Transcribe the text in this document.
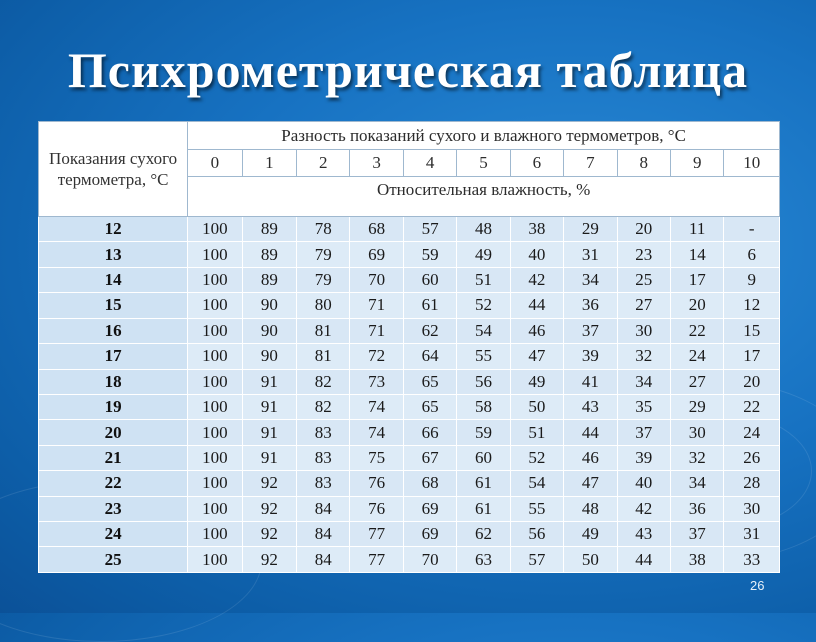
Психрометрическая таблица
Показания сухого термометра, °С	Разность показаний сухого и влажного термометров, °С										
	0	1	2	3	4	5	6	7	8	9	10
	Относительная влажность, %										
12	100	89	78	68	57	48	38	29	20	11	-
13	100	89	79	69	59	49	40	31	23	14	6
14	100	89	79	70	60	51	42	34	25	17	9
15	100	90	80	71	61	52	44	36	27	20	12
16	100	90	81	71	62	54	46	37	30	22	15
17	100	90	81	72	64	55	47	39	32	24	17
18	100	91	82	73	65	56	49	41	34	27	20
19	100	91	82	74	65	58	50	43	35	29	22
20	100	91	83	74	66	59	51	44	37	30	24
21	100	91	83	75	67	60	52	46	39	32	26
22	100	92	83	76	68	61	54	47	40	34	28
23	100	92	84	76	69	61	55	48	42	36	30
24	100	92	84	77	69	62	56	49	43	37	31
25	100	92	84	77	70	63	57	50	44	38	33
26
